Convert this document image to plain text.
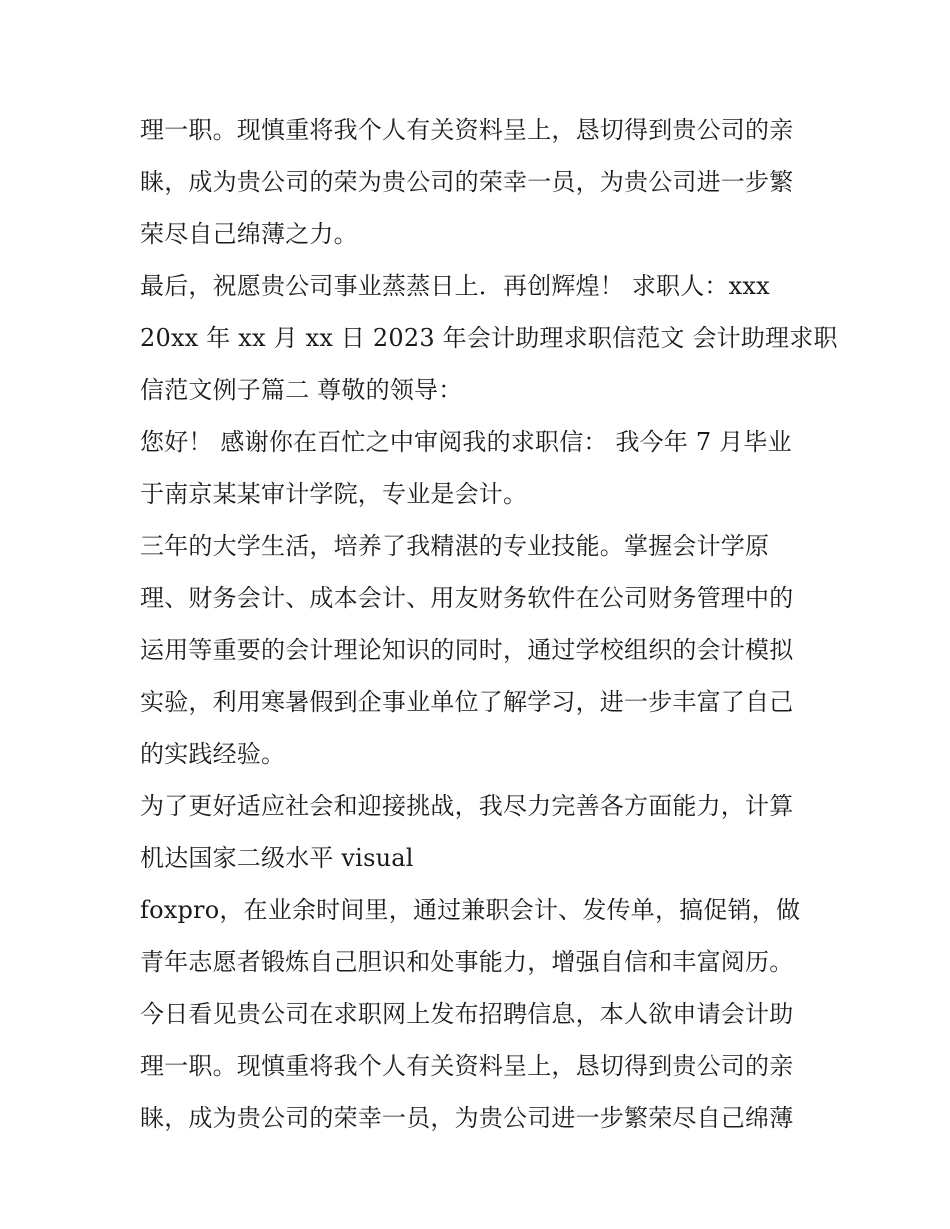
理一职。现慎重将我个人有关资料呈上，恳切得到贵公司的亲
睐，成为贵公司的荣为贵公司的荣幸一员，为贵公司进一步繁
荣尽自己绵薄之力。
最后，祝愿贵公司事业蒸蒸日上．再创辉煌！ 求职人：xxx
20xx 年 xx 月 xx 日 2023 年会计助理求职信范文 会计助理求职
信范文例子篇二 尊敬的领导：
您好！ 感谢你在百忙之中审阅我的求职信： 我今年 7 月毕业
于南京某某审计学院，专业是会计。
三年的大学生活，培养了我精湛的专业技能。掌握会计学原
理、财务会计、成本会计、用友财务软件在公司财务管理中的
运用等重要的会计理论知识的同时，通过学校组织的会计模拟
实验，利用寒暑假到企事业单位了解学习，进一步丰富了自己
的实践经验。
为了更好适应社会和迎接挑战，我尽力完善各方面能力，计算
机达国家二级水平 visual
foxpro，在业余时间里，通过兼职会计、发传单，搞促销，做
青年志愿者锻炼自己胆识和处事能力，增强自信和丰富阅历。
今日看见贵公司在求职网上发布招聘信息，本人欲申请会计助
理一职。现慎重将我个人有关资料呈上，恳切得到贵公司的亲
睐，成为贵公司的荣幸一员，为贵公司进一步繁荣尽自己绵薄
